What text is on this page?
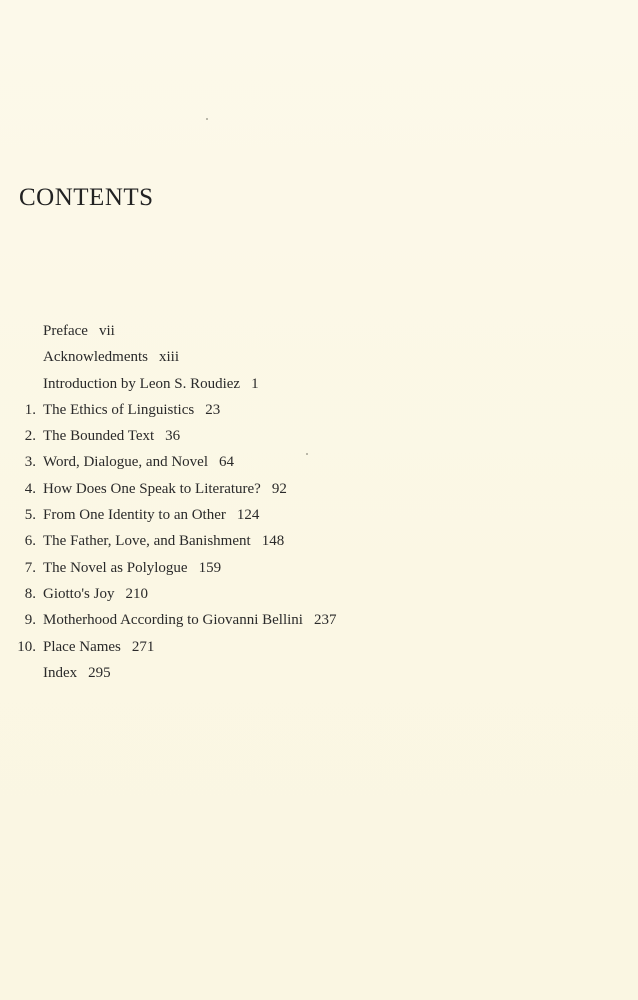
CONTENTS
Preface vii
Acknowledments xiii
Introduction by Leon S. Roudiez 1
1. The Ethics of Linguistics 23
2. The Bounded Text 36
3. Word, Dialogue, and Novel 64
4. How Does One Speak to Literature? 92
5. From One Identity to an Other 124
6. The Father, Love, and Banishment 148
7. The Novel as Polylogue 159
8. Giotto's Joy 210
9. Motherhood According to Giovanni Bellini 237
10. Place Names 271
Index 295
